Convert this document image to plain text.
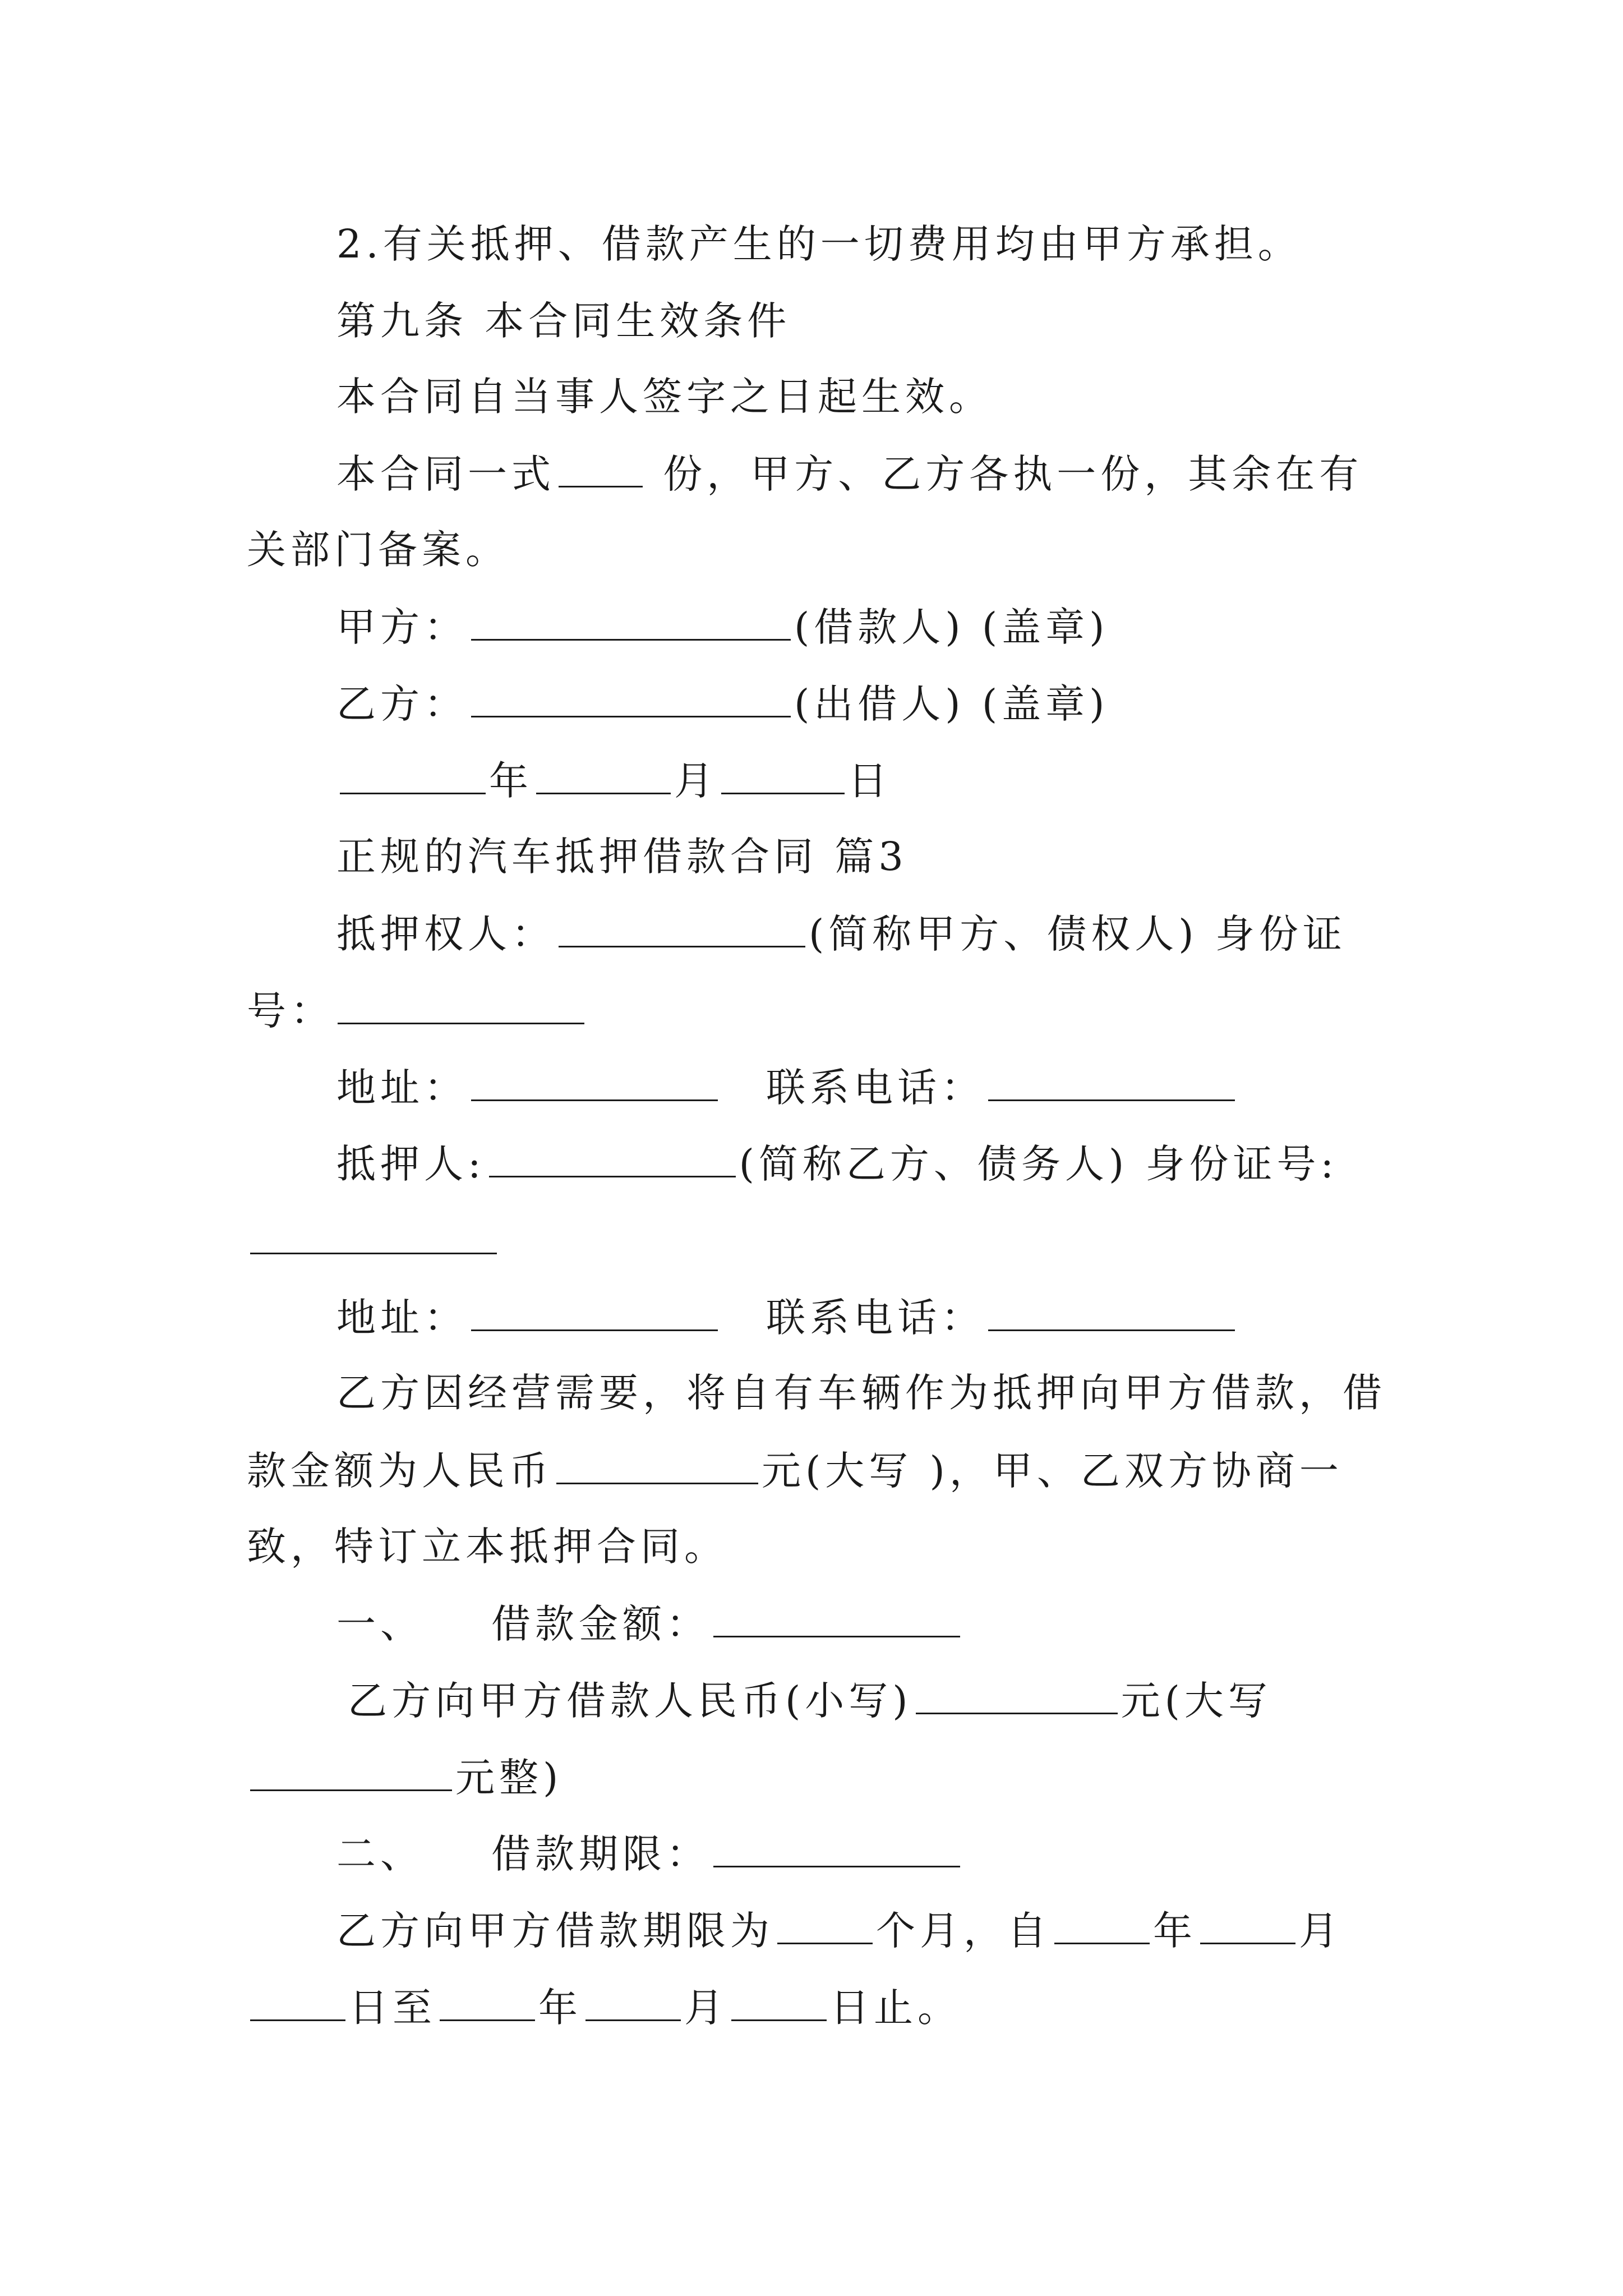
2.有关抵押、借款产生的一切费用均由甲方承担。
第九条 本合同生效条件
本合同自当事人签字之日起生效。
本合同一式 份，甲方、乙方各执一份，其余在有
关部门备案。
甲方：	(借款人) (盖章)
乙方：	(出借人) (盖章)
年	月	日
正规的汽车抵押借款合同 篇3
抵押权人：	(简称甲方、债权人) 身份证
号：
地址：	联系电话：
抵押人:	(简称乙方、债务人) 身份证号:
地址：	联系电话：
乙方因经营需要，将自有车辆作为抵押向甲方借款，借
款金额为人民币	元(大写 )，甲、乙双方协商一
致，特订立本抵押合同。
一、 借款金额：
乙方向甲方借款人民币(小写)	元(大写
元整)
二、 借款期限：
乙方向甲方借款期限为	个月，自	年	月
日至	年	月	日止。
